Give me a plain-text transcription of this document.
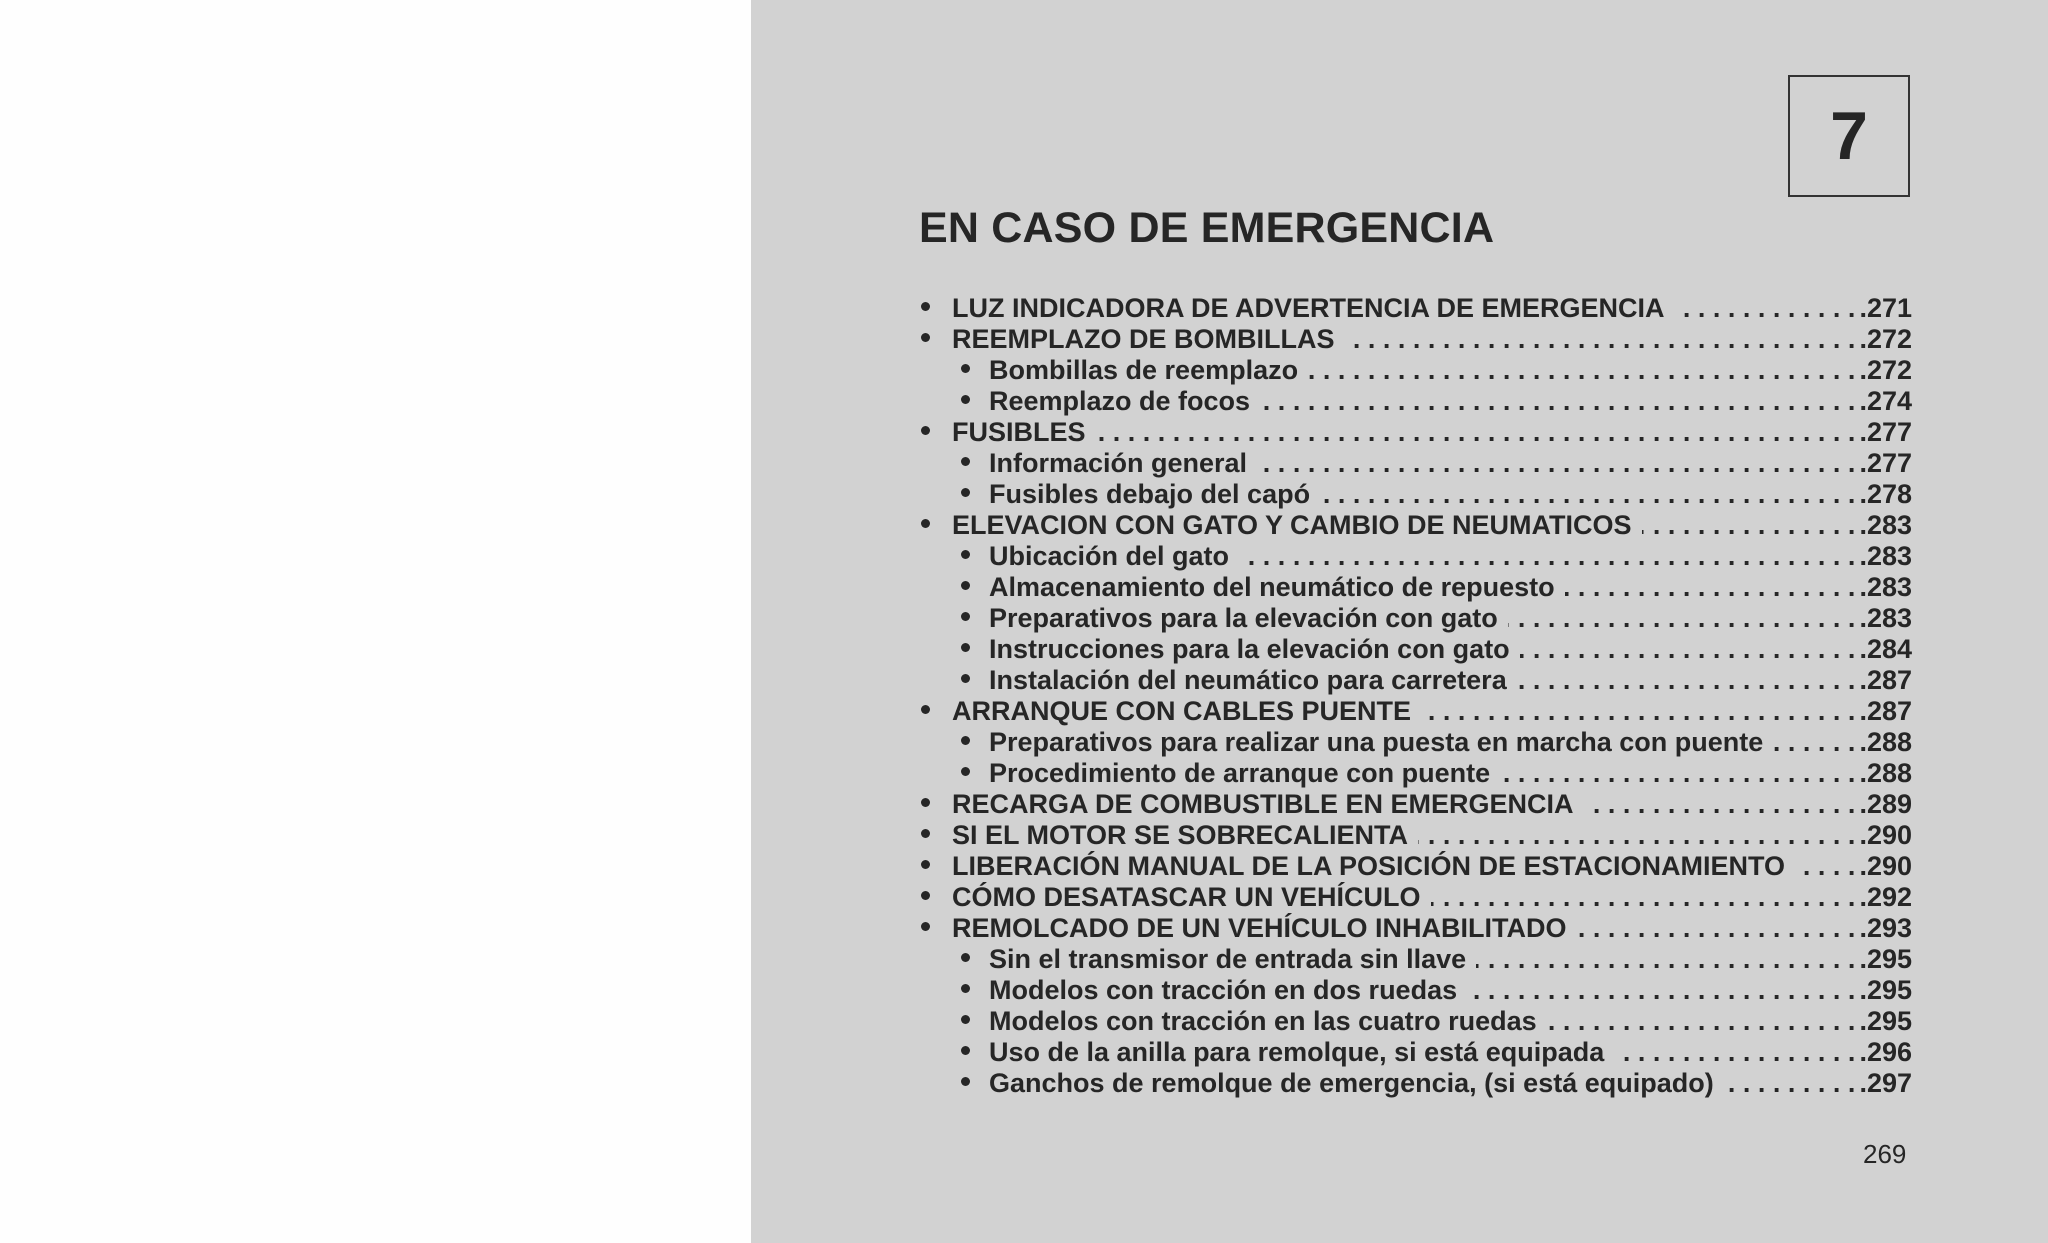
7
EN CASO DE EMERGENCIA
LUZ INDICADORA DE ADVERTENCIA DE EMERGENCIA . . .	.271
REEMPLAZO DE BOMBILLAS . . .	.272
Bombillas de reemplazo . . .	.272
Reemplazo de focos . . .	.274
FUSIBLES . . .	.277
Información general . . .	.277
Fusibles debajo del capó . . .	.278
ELEVACION CON GATO Y CAMBIO DE NEUMATICOS . . .	.283
Ubicación del gato . . .	.283
Almacenamiento del neumático de repuesto . . .	.283
Preparativos para la elevación con gato . . .	.283
Instrucciones para la elevación con gato . . .	.284
Instalación del neumático para carretera . . .	.287
ARRANQUE CON CABLES PUENTE . . .	.287
Preparativos para realizar una puesta en marcha con puente . . .	.288
Procedimiento de arranque con puente . . .	.288
RECARGA DE COMBUSTIBLE EN EMERGENCIA . . .	.289
SI EL MOTOR SE SOBRECALIENTA . . .	.290
LIBERACIÓN MANUAL DE LA POSICIÓN DE ESTACIONAMIENTO . . .	.290
CÓMO DESATASCAR UN VEHÍCULO . . .	.292
REMOLCADO DE UN VEHÍCULO INHABILITADO . . .	.293
Sin el transmisor de entrada sin llave . . .	.295
Modelos con tracción en dos ruedas . . .	.295
Modelos con tracción en las cuatro ruedas . . .	.295
Uso de la anilla para remolque, si está equipada . . .	.296
Ganchos de remolque de emergencia, (si está equipado) . . .	.297
269
